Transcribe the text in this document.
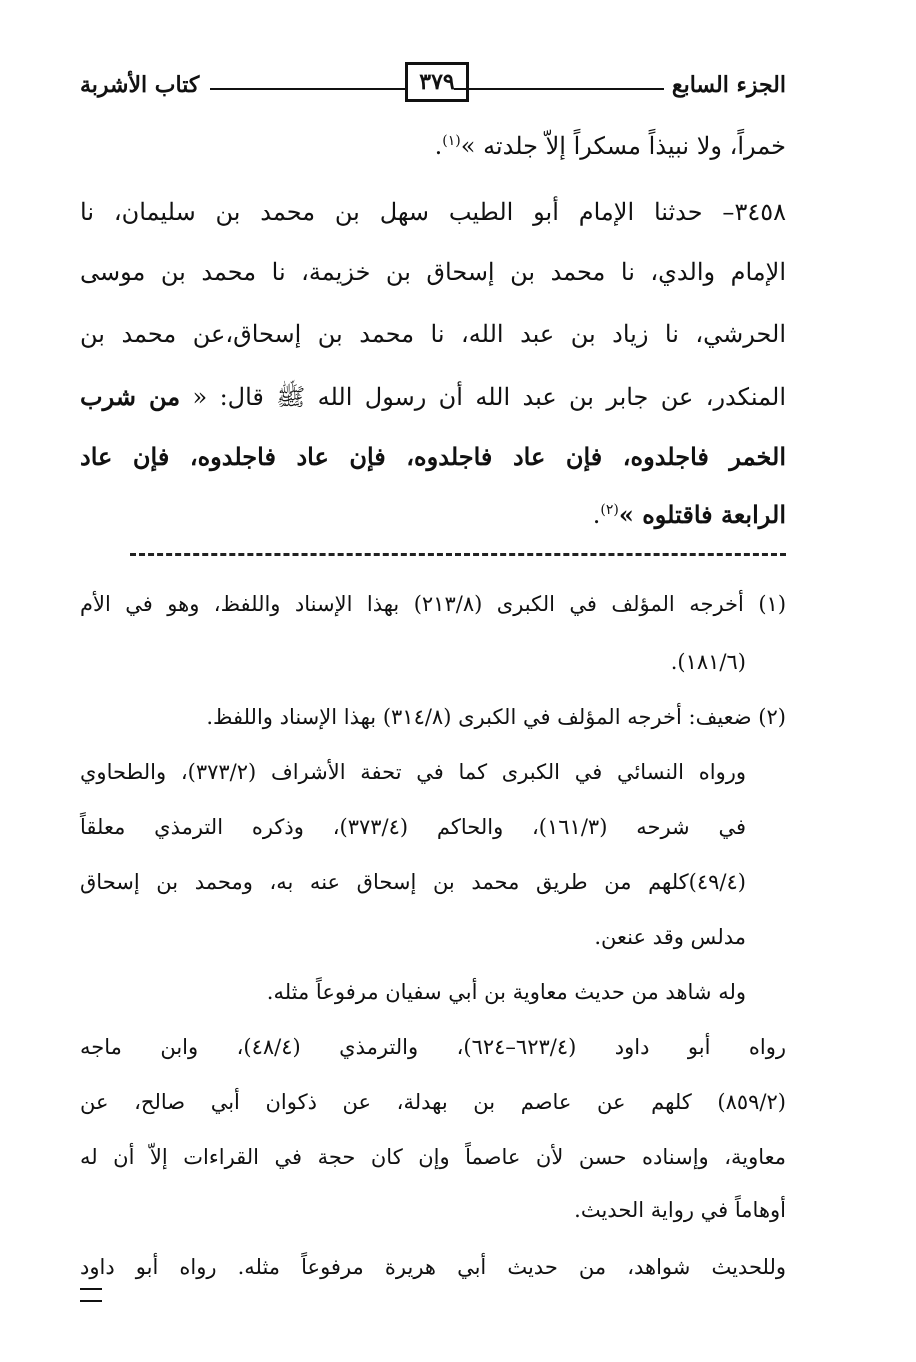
الجزء السابع
٣٧٩
كتاب الأشربة
خمراً، ولا نبيذاً مسكراً إلاّ جلدته »$^{(١)}$.
٣٤٥٨– حدثنا الإمام أبو الطيب سهل بن محمد بن سليمان، نا
الإمام والدي، نا محمد بن إسحاق بن خزيمة، نا محمد بن موسى
الحرشي، نا زياد بن عبد الله، نا محمد بن إسحاق،عن محمد بن
المنكدر، عن جابر بن عبد الله أن رسول الله ﷺ قال: « من شرب
الخمر فاجلدوه، فإن عاد فاجلدوه، فإن عاد فاجلدوه، فإن عاد
الرابعة فاقتلوه »$^{(٢)}$.
(١) أخرجه المؤلف في الكبرى (٢١٣/٨) بهذا الإسناد واللفظ، وهو في الأم
(١٨١/٦).
(٢) ضعيف: أخرجه المؤلف في الكبرى (٣١٤/٨) بهذا الإسناد واللفظ.
ورواه النسائي في الكبرى كما في تحفة الأشراف (٣٧٣/٢)، والطحاوي
في شرحه (١٦١/٣)، والحاكم (٣٧٣/٤)، وذكره الترمذي معلقاً
(٤٩/٤)كلهم من طريق محمد بن إسحاق عنه به، ومحمد بن إسحاق
مدلس وقد عنعن.
وله شاهد من حديث معاوية بن أبي سفيان مرفوعاً مثله.
رواه أبو داود (٦٢٣/٤–٦٢٤)، والترمذي (٤٨/٤)، وابن ماجه
(٨٥٩/٢) كلهم عن عاصم بن بهدلة، عن ذكوان أبي صالح، عن
معاوية، وإسناده حسن لأن عاصماً وإن كان حجة في القراءات إلاّ أن له
أوهاماً في رواية الحديث.
وللحديث شواهد، من حديث أبي هريرة مرفوعاً مثله. رواه أبو داود
